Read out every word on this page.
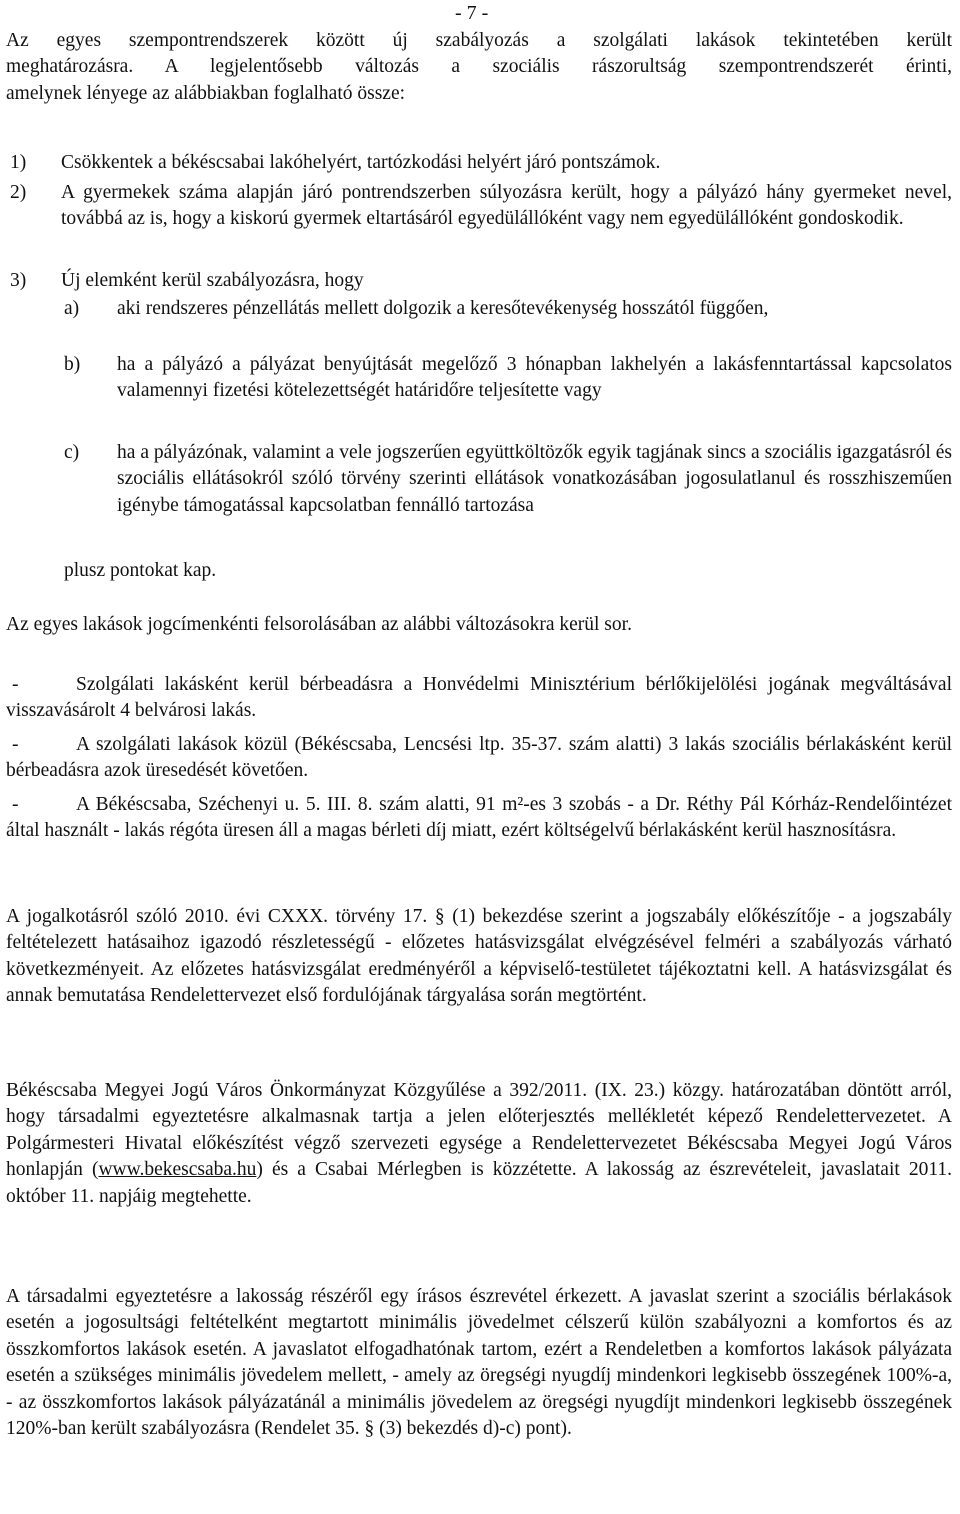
- 7 -
Az egyes szempontrendszerek között új szabályozás a szolgálati lakások tekintetében került
meghatározásra. A legjelentősebb változás a szociális rászorultság szempontrendszerét érinti,
amelynek lényege az alábbiakban foglalható össze:
1) Csökkentek a békéscsabai lakóhelyért, tartózkodási helyért járó pontszámok.
2) A gyermekek száma alapján járó pontrendszerben súlyozásra került, hogy a pályázó hány gyermeket nevel, továbbá az is, hogy a kiskorú gyermek eltartásáról egyedülállóként vagy nem egyedülállóként gondoskodik.
3) Új elemként kerül szabályozásra, hogy
a) aki rendszeres pénzellátás mellett dolgozik a keresőtevékenység hosszától függően,
b) ha a pályázó a pályázat benyújtását megelőző 3 hónapban lakhelyén a lakásfenntartással kapcsolatos valamennyi fizetési kötelezettségét határidőre teljesítette vagy
c) ha a pályázónak, valamint a vele jogszerűen együttköltözők egyik tagjának sincs a szociális igazgatásról és szociális ellátásokról szóló törvény szerinti ellátások vonatkozásában jogosulatlanul és rosszhiszeműen igénybe támogatással kapcsolatban fennálló tartozása
plusz pontokat kap.
Az egyes lakások jogcímenkénti felsorolásában az alábbi változásokra kerül sor.
-	Szolgálati lakásként kerül bérbeadásra a Honvédelmi Minisztérium bérlőkijelölési jogának megváltásával visszavásárolt 4 belvárosi lakás.
-	A szolgálati lakások közül (Békéscsaba, Lencsési ltp. 35-37. szám alatti) 3 lakás szociális bérlakásként kerül bérbeadásra azok üresedését követően.
-	A Békéscsaba, Széchenyi u. 5. III. 8. szám alatti, 91 m²-es 3 szobás - a Dr. Réthy Pál Kórház-Rendelőintézet által használt - lakás régóta üresen áll a magas bérleti díj miatt, ezért költségelvű bérlakásként kerül hasznosításra.
A jogalkotásról szóló 2010. évi CXXX. törvény 17. § (1) bekezdése szerint a jogszabály előkészítője - a jogszabály feltételezett hatásaihoz igazodó részletességű - előzetes hatásvizsgálat elvégzésével felméri a szabályozás várható következményeit. Az előzetes hatásvizsgálat eredményéről a képviselő-testületet tájékoztatni kell. A hatásvizsgálat és annak bemutatása Rendelettervezet első fordulójának tárgyalása során megtörtént.
Békéscsaba Megyei Jogú Város Önkormányzat Közgyűlése a 392/2011. (IX. 23.) közgy. határozatában döntött arról, hogy társadalmi egyeztetésre alkalmasnak tartja a jelen előterjesztés mellékletét képező Rendelettervezetet. A Polgármesteri Hivatal előkészítést végző szervezeti egysége a Rendelettervezetet Békéscsaba Megyei Jogú Város honlapján (www.bekescsaba.hu) és a Csabai Mérlegben is közzétette. A lakosság az észrevételeit, javaslatait 2011. október 11. napjáig megtehette.
A társadalmi egyeztetésre a lakosság részéről egy írásos észrevétel érkezett. A javaslat szerint a szociális bérlakások esetén a jogosultsági feltételként megtartott minimális jövedelmet célszerű külön szabályozni a komfortos és az összkomfortos lakások esetén. A javaslatot elfogadhatónak tartom, ezért a Rendeletben a komfortos lakások pályázata esetén a szükséges minimális jövedelem mellett, - amely az öregségi nyugdíj mindenkori legkisebb összegének 100%-a, - az összkomfortos lakások pályázatánál a minimális jövedelem az öregségi nyugdíjt mindenkori legkisebb összegének 120%-ban került szabályozásra (Rendelet 35. § (3) bekezdés d)-c) pont).
